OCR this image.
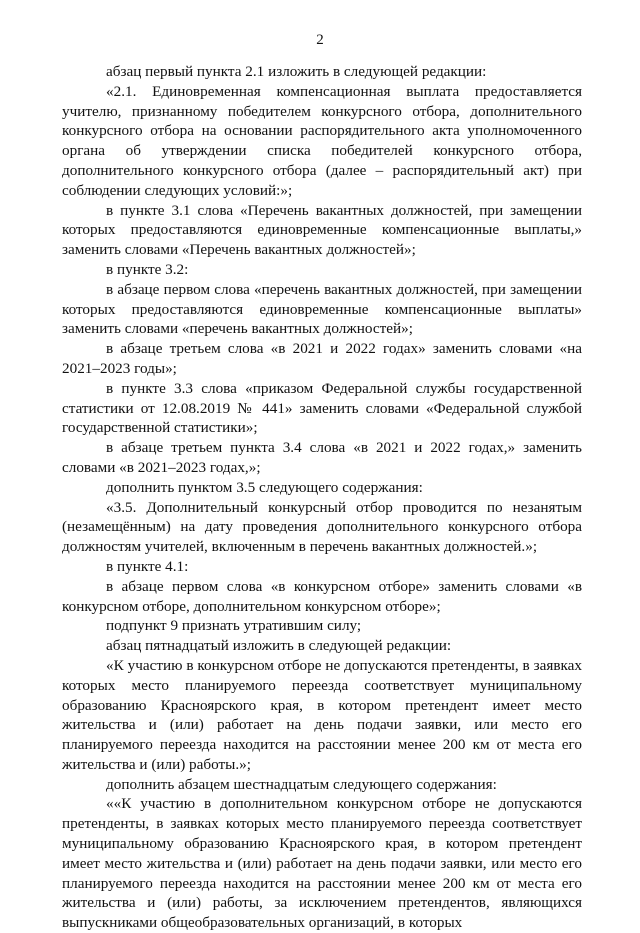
2

абзац первый пункта 2.1 изложить в следующей редакции:

«2.1. Единовременная компенсационная выплата предоставляется учителю, признанному победителем конкурсного отбора, дополнительного конкурсного отбора на основании распорядительного акта уполномоченного органа об утверждении списка победителей конкурсного отбора, дополнительного конкурсного отбора (далее – распорядительный акт) при соблюдении следующих условий:»;

в пункте 3.1 слова «Перечень вакантных должностей, при замещении которых предоставляются единовременные компенсационные выплаты,» заменить словами «Перечень вакантных должностей»;

в пункте 3.2:

в абзаце первом слова «перечень вакантных должностей, при замещении которых предоставляются единовременные компенсационные выплаты» заменить словами «перечень вакантных должностей»;

в абзаце третьем слова «в 2021 и 2022 годах» заменить словами «на 2021–2023 годы»;

в пункте 3.3 слова «приказом Федеральной службы государственной статистики от 12.08.2019 № 441» заменить словами «Федеральной службой государственной статистики»;

в абзаце третьем пункта 3.4 слова «в 2021 и 2022 годах,» заменить словами «в 2021–2023 годах,»;

дополнить пунктом 3.5 следующего содержания:

«3.5. Дополнительный конкурсный отбор проводится по незанятым (незамещённым) на дату проведения дополнительного конкурсного отбора должностям учителей, включенным в перечень вакантных должностей.»;

в пункте 4.1:

в абзаце первом слова «в конкурсном отборе» заменить словами «в конкурсном отборе, дополнительном конкурсном отборе»;

подпункт 9 признать утратившим силу;

абзац пятнадцатый изложить в следующей редакции:

«К участию в конкурсном отборе не допускаются претенденты, в заявках которых место планируемого переезда соответствует муниципальному образованию Красноярского края, в котором претендент имеет место жительства и (или) работает на день подачи заявки, или место его планируемого переезда находится на расстоянии менее 200 км от места его жительства и (или) работы.»;

дополнить абзацем шестнадцатым следующего содержания:

««К участию в дополнительном конкурсном отборе не допускаются претенденты, в заявках которых место планируемого переезда соответствует муниципальному образованию Красноярского края, в котором претендент имеет место жительства и (или) работает на день подачи заявки, или место его планируемого переезда находится на расстоянии менее 200 км от места его жительства и (или) работы, за исключением претендентов, являющихся выпускниками общеобразовательных организаций, в которых
